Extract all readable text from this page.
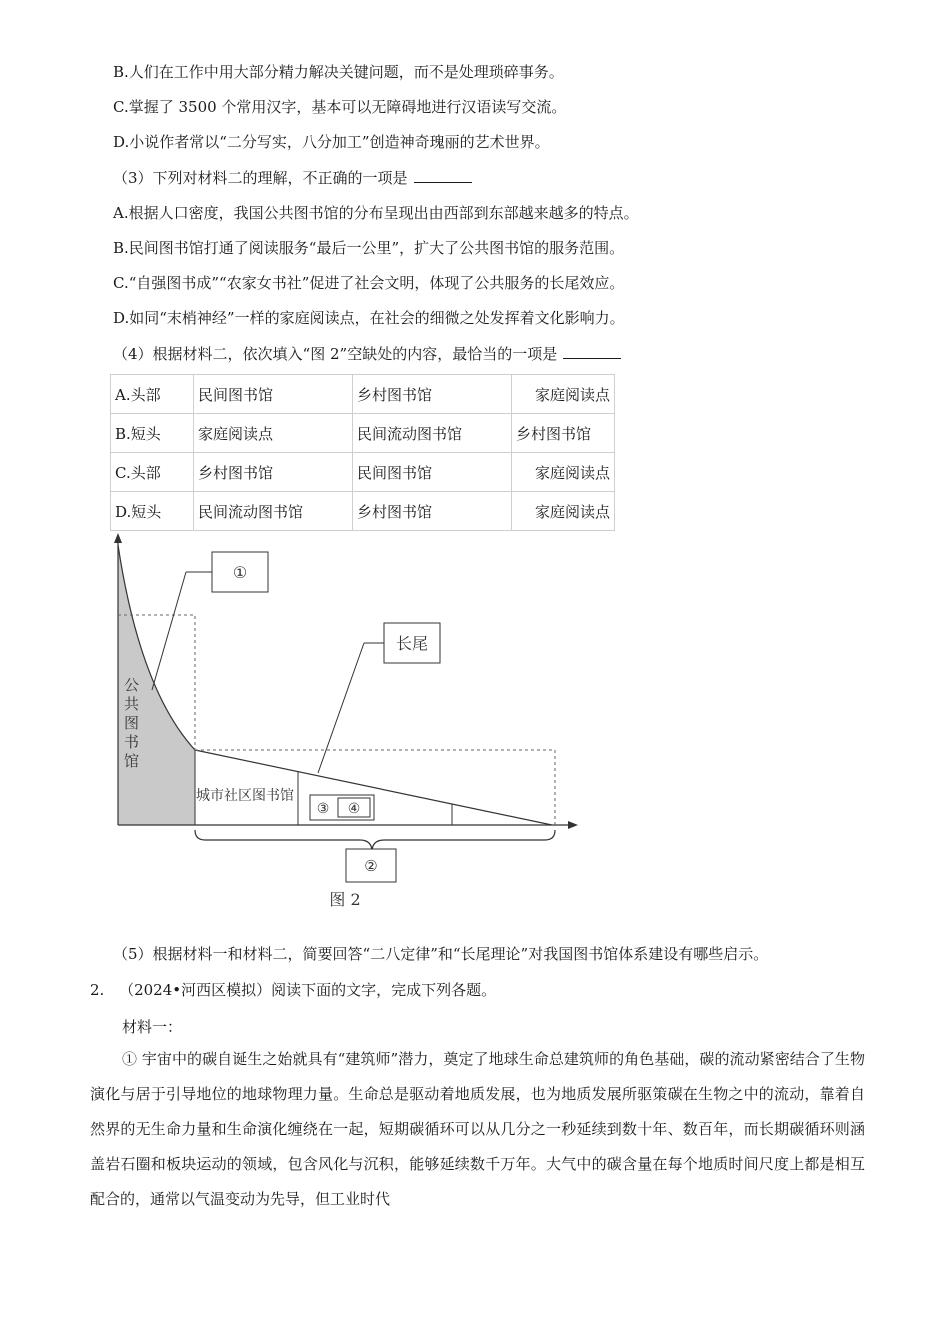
B.人们在工作中用大部分精力解决关键问题，而不是处理琐碎事务。
C.掌握了 3500 个常用汉字，基本可以无障碍地进行汉语读写交流。
D.小说作者常以“二分写实，八分加工”创造神奇瑰丽的艺术世界。
（3）下列对材料二的理解，不正确的一项是
A.根据人口密度，我国公共图书馆的分布呈现出由西部到东部越来越多的特点。
B.民间图书馆打通了阅读服务“最后一公里”，扩大了公共图书馆的服务范围。
C.“自强图书成”“农家女书社”促进了社会文明，体现了公共服务的长尾效应。
D.如同“末梢神经”一样的家庭阅读点，在社会的细微之处发挥着文化影响力。
（4）根据材料二，依次填入“图 2”空缺处的内容，最恰当的一项是
A.头部	民间图书馆	乡村图书馆	家庭阅读点
B.短头	家庭阅读点	民间流动图书馆	乡村图书馆
C.头部	乡村图书馆	民间图书馆	家庭阅读点
D.短头	民间流动图书馆	乡村图书馆	家庭阅读点
公
共
图
书
馆
①
长尾
城市社区图书馆
③ ④
②
图 2
（5）根据材料一和材料二，简要回答“二八定律”和“长尾理论”对我国图书馆体系建设有哪些启示。
2. （2024•河西区模拟）阅读下面的文字，完成下列各题。
材料一：
① 宇宙中的碳自诞生之始就具有“建筑师”潜力，奠定了地球生命总建筑师的角色基础，碳的流动紧密结合了生物演化与居于引导地位的地球物理力量。生命总是驱动着地质发展，也为地质发展所驱策碳在生物之中的流动，靠着自然界的无生命力量和生命演化缠绕在一起，短期碳循环可以从几分之一秒延续到数十年、数百年，而长期碳循环则涵盖岩石圈和板块运动的领域，包含风化与沉积，能够延续数千万年。大气中的碳含量在每个地质时间尺度上都是相互配合的，通常以气温变动为先导，但工业时代
